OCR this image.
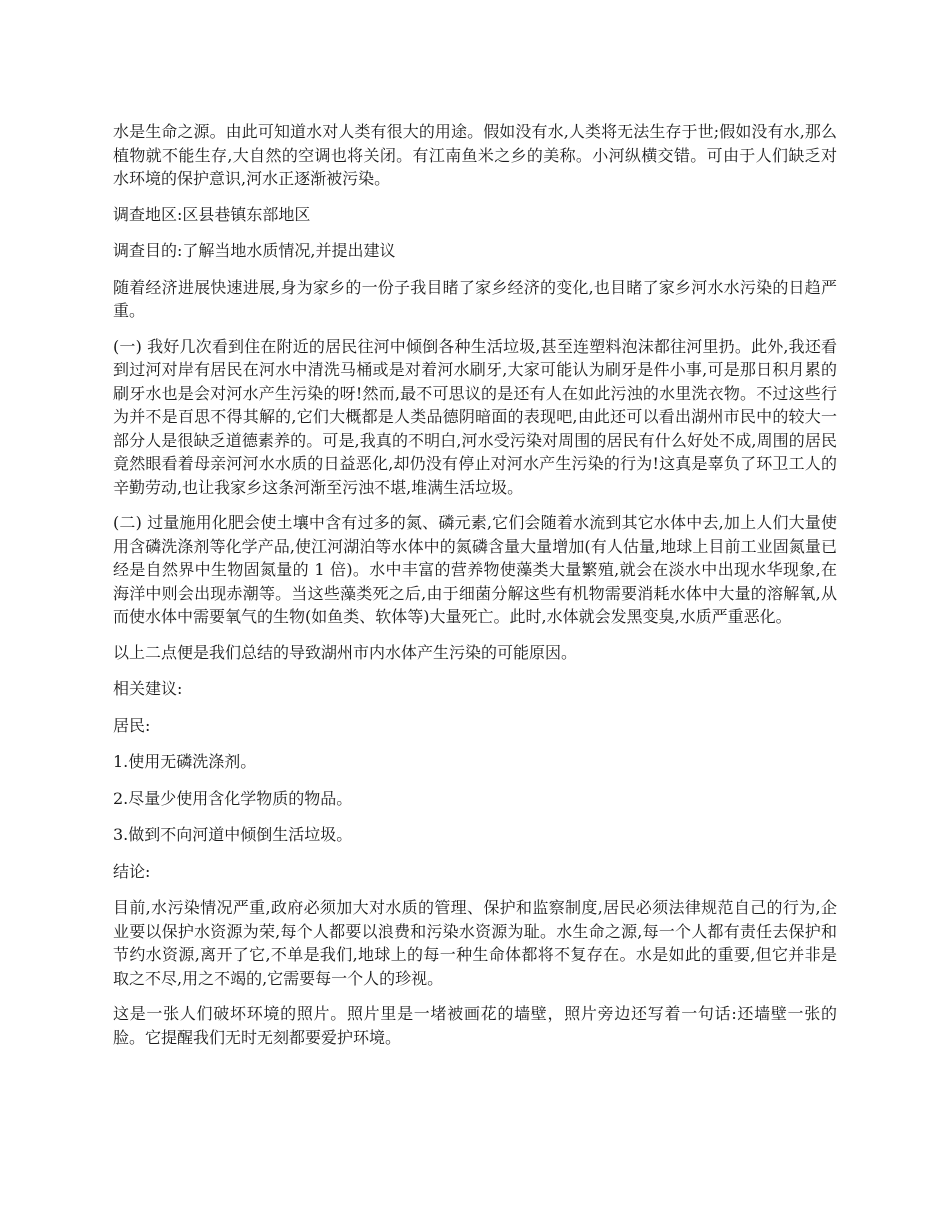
水是生命之源。由此可知道水对人类有很大的用途。假如没有水,人类将无法生存于世;假如没有水,那么植物就不能生存,大自然的空调也将关闭。有江南鱼米之乡的美称。小河纵横交错。可由于人们缺乏对水环境的保护意识,河水正逐渐被污染。

调查地区:区县巷镇东部地区

调查目的:了解当地水质情况,并提出建议

随着经济进展快速进展,身为家乡的一份子我目睹了家乡经济的变化,也目睹了家乡河水水污染的日趋严重。

(一) 我好几次看到住在附近的居民往河中倾倒各种生活垃圾,甚至连塑料泡沫都往河里扔。此外,我还看到过河对岸有居民在河水中清洗马桶或是对着河水刷牙,大家可能认为刷牙是件小事,可是那日积月累的刷牙水也是会对河水产生污染的呀!然而,最不可思议的是还有人在如此污浊的水里洗衣物。不过这些行为并不是百思不得其解的,它们大概都是人类品德阴暗面的表现吧,由此还可以看出湖州市民中的较大一部分人是很缺乏道德素养的。可是,我真的不明白,河水受污染对周围的居民有什么好处不成,周围的居民竟然眼看着母亲河河水水质的日益恶化,却仍没有停止对河水产生污染的行为!这真是辜负了环卫工人的辛勤劳动,也让我家乡这条河渐至污浊不堪,堆满生活垃圾。

(二) 过量施用化肥会使土壤中含有过多的氮、磷元素,它们会随着水流到其它水体中去,加上人们大量使用含磷洗涤剂等化学产品,使江河湖泊等水体中的氮磷含量大量增加(有人估量,地球上目前工业固氮量已经是自然界中生物固氮量的 1 倍)。水中丰富的营养物使藻类大量繁殖,就会在淡水中出现水华现象,在海洋中则会出现赤潮等。当这些藻类死之后,由于细菌分解这些有机物需要消耗水体中大量的溶解氧,从而使水体中需要氧气的生物(如鱼类、软体等)大量死亡。此时,水体就会发黑变臭,水质严重恶化。

以上二点便是我们总结的导致湖州市内水体产生污染的可能原因。

相关建议:

居民:

1.使用无磷洗涤剂。

2.尽量少使用含化学物质的物品。

3.做到不向河道中倾倒生活垃圾。

结论:

目前,水污染情况严重,政府必须加大对水质的管理、保护和监察制度,居民必须法律规范自己的行为,企业要以保护水资源为荣,每个人都要以浪费和污染水资源为耻。水生命之源,每一个人都有责任去保护和节约水资源,离开了它,不单是我们,地球上的每一种生命体都将不复存在。水是如此的重要,但它并非是取之不尽,用之不竭的,它需要每一个人的珍视。

这是一张人们破坏环境的照片。照片里是一堵被画花的墙壁，照片旁边还写着一句话:还墙壁一张的脸。它提醒我们无时无刻都要爱护环境。
